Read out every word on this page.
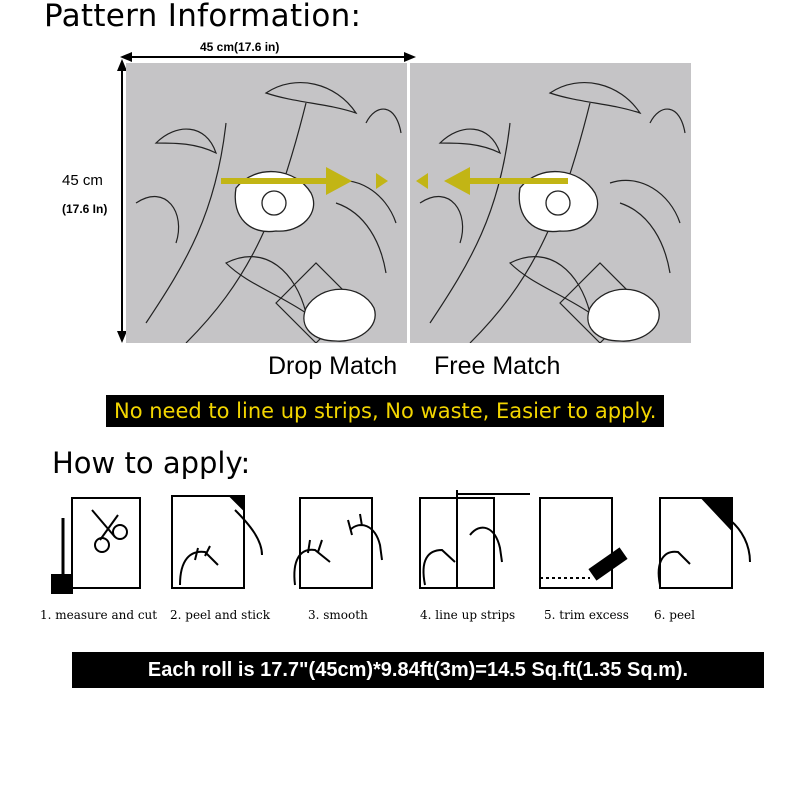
Pattern Information:
45 cm(17.6 in)
45 cm
(17.6 In)
Drop Match Free Match
No need to line up strips, No waste, Easier to apply.
How to apply:
1. measure and cut 2. peel and stick	3. smooth	4. line up strips 5. trim excess 6. peel
Each roll is 17.7"(45cm)*9.84ft(3m)=14.5 Sq.ft(1.35 Sq.m).
